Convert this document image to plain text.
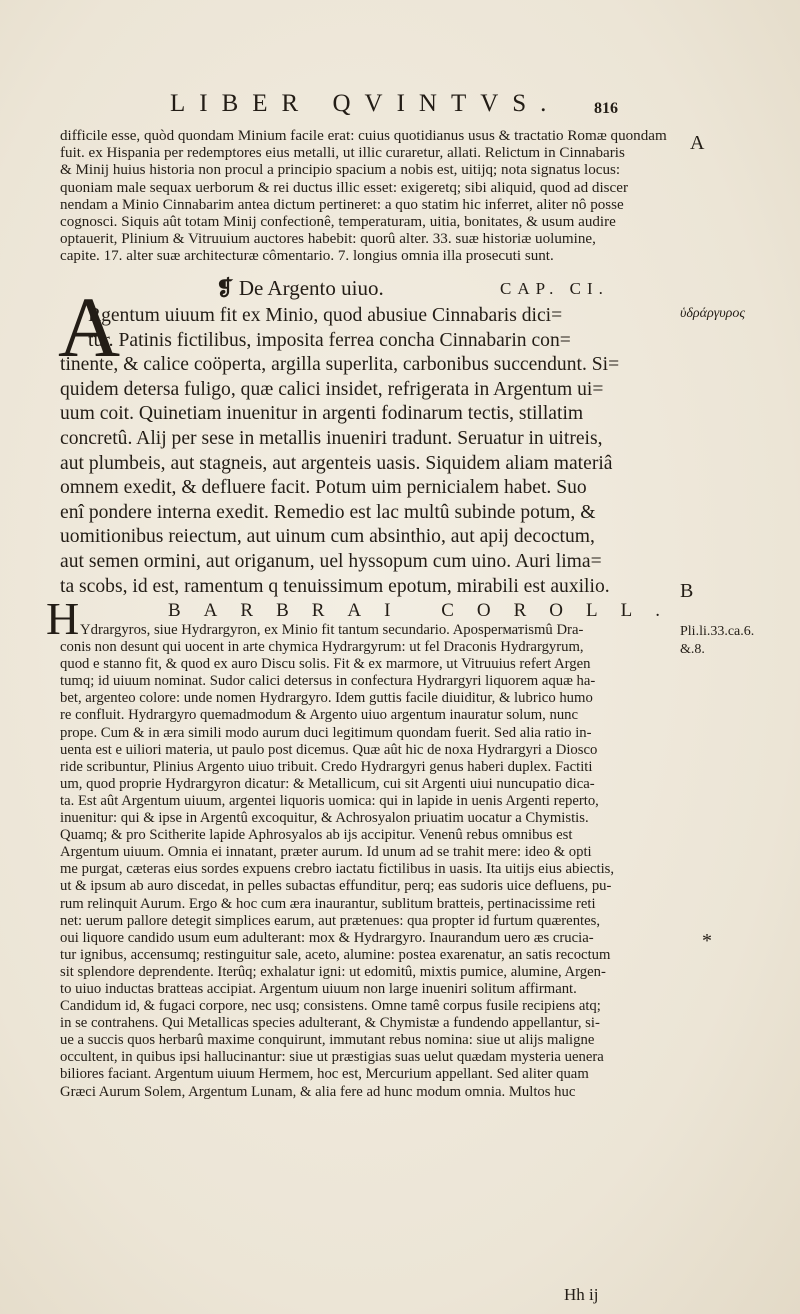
LIBER QVINTVS. 816
difficile esse, quòd quondam Minium facile erat: cuius quotidianus usus & tractatio Romæ quondam
fuit. ex Hispania per redemptores eius metalli, ut illic curaretur, allati. Relictum in Cinnabaris
& Minij huius historia non procul a principio spacium a nobis est, uitijq; nota signatus locus:
quoniam male sequax uerborum & rei ductus illic esset: exigeretq; sibi aliquid, quod ad discer
nendam a Minio Cinnabarim antea dictum pertineret: a quo statim hic inferret, aliter nô posse
cognosci. Siquis aût totam Minij confectionê, temperaturam, uitia, bonitates, & usum audire
optauerit, Plinium & Vitruuium auctores habebit: quorû alter. 33. suæ historiæ uolumine,
capite. 17. alter suæ architecturæ cômentario. 7. longius omnia illa prosecuti sunt.
❡ De Argento uiuo.	CAP. CI.
A
Rgentum uiuum fit ex Minio, quod abusiue Cinnabaris dici=
tur. Patinis fictilibus, imposita ferrea concha Cinnabarin con=
tinente, & calice coöperta, argilla superlita, carbonibus succendunt. Si=
quidem detersa fuligo, quæ calici insidet, refrigerata in Argentum ui=
uum coit. Quinetiam inuenitur in argenti fodinarum tectis, stillatim
concretû. Alij per sese in metallis inueniri tradunt. Seruatur in uitreis,
aut plumbeis, aut stagneis, aut argenteis uasis. Siquidem aliam materiâ
omnem exedit, & defluere facit. Potum uim pernicialem habet. Suo
enî pondere interna exedit. Remedio est lac multû subinde potum, &
uomitionibus reiectum, aut uinum cum absinthio, aut apij decoctum,
aut semen ormini, aut origanum, uel hyssopum cum uino. Auri lima=
ta scobs, id est, ramentum q tenuissimum epotum, mirabili est auxilio.
H	BARBRAI COROLL.
Ydrargyros, siue Hydrargyron, ex Minio fit tantum secundario. Aposperматismû Dra-
conis non desunt qui uocent in arte chymica Hydrargyrum: ut fel Draconis Hydrargyrum,
quod e stanno fit, & quod ex auro Discu solis. Fit & ex marmore, ut Vitruuius refert Argen
tumq; id uiuum nominat. Sudor calici detersus in confectura Hydrargyri liquorem aquæ ha-
bet, argenteo colore: unde nomen Hydrargyro. Idem guttis facile diuiditur, & lubrico humo
re confluit. Hydrargyro quemadmodum & Argento uiuo argentum inauratur solum, nunc
prope. Cum & in æra simili modo aurum duci legitimum quondam fuerit. Sed alia ratio in-
uenta est e uiliori materia, ut paulo post dicemus. Quæ aût hic de noxa Hydrargyri a Diosco
ride scribuntur, Plinius Argento uiuo tribuit. Credo Hydrargyri genus haberi duplex. Factiti
um, quod proprie Hydrargyron dicatur: & Metallicum, cui sit Argenti uiui nuncupatio dica-
ta. Est aût Argentum uiuum, argentei liquoris uomica: qui in lapide in uenis Argenti reperto,
inuenitur: qui & ipse in Argentû excoquitur, & Achrosyalon priuatim uocatur a Chymistis.
Quamq; & pro Scitherite lapide Aphrosyalos ab ijs accipitur. Venenû rebus omnibus est
Argentum uiuum. Omnia ei innatant, præter aurum. Id unum ad se trahit mere: ideo & opti
me purgat, cæteras eius sordes expuens crebro iactatu fictilibus in uasis. Ita uitijs eius abiectis,
ut & ipsum ab auro discedat, in pelles subactas effunditur, perq; eas sudoris uice defluens, pu-
rum relinquit Aurum. Ergo & hoc cum æra inaurantur, sublitum bratteis, pertinacissime reti
net: uerum pallore detegit simplices earum, aut prætenues: qua propter id furtum quærentes,
oui liquore candido usum eum adulterant: mox & Hydrargyro. Inaurandum uero æs crucia-
tur ignibus, accensumq; restinguitur sale, aceto, alumine: postea exarenatur, an satis recoctum
sit splendore deprendente. Iterûq; exhalatur igni: ut edomitû, mixtis pumice, alumine, Argen-
to uiuo inductas bratteas accipiat. Argentum uiuum non large inueniri solitum affirmant.
Candidum id, & fugaci corpore, nec usq; consistens. Omne tamê corpus fusile recipiens atq;
in se contrahens. Qui Metallicas species adulterant, & Chymistæ a fundendo appellantur, si-
ue a succis quos herbarû maxime conquirunt, immutant rebus nomina: siue ut alijs maligne
occultent, in quibus ipsi hallucinantur: siue ut præstigias suas uelut quædam mysteria uenera
biliores faciant. Argentum uiuum Hermem, hoc est, Mercurium appellant. Sed aliter quam
Græci Aurum Solem, Argentum Lunam, & alia fere ad hunc modum omnia. Multos huc
Hh ij
A
ὑδράργυρος
B
Pli.li.33.ca.6.
&.8.
*
